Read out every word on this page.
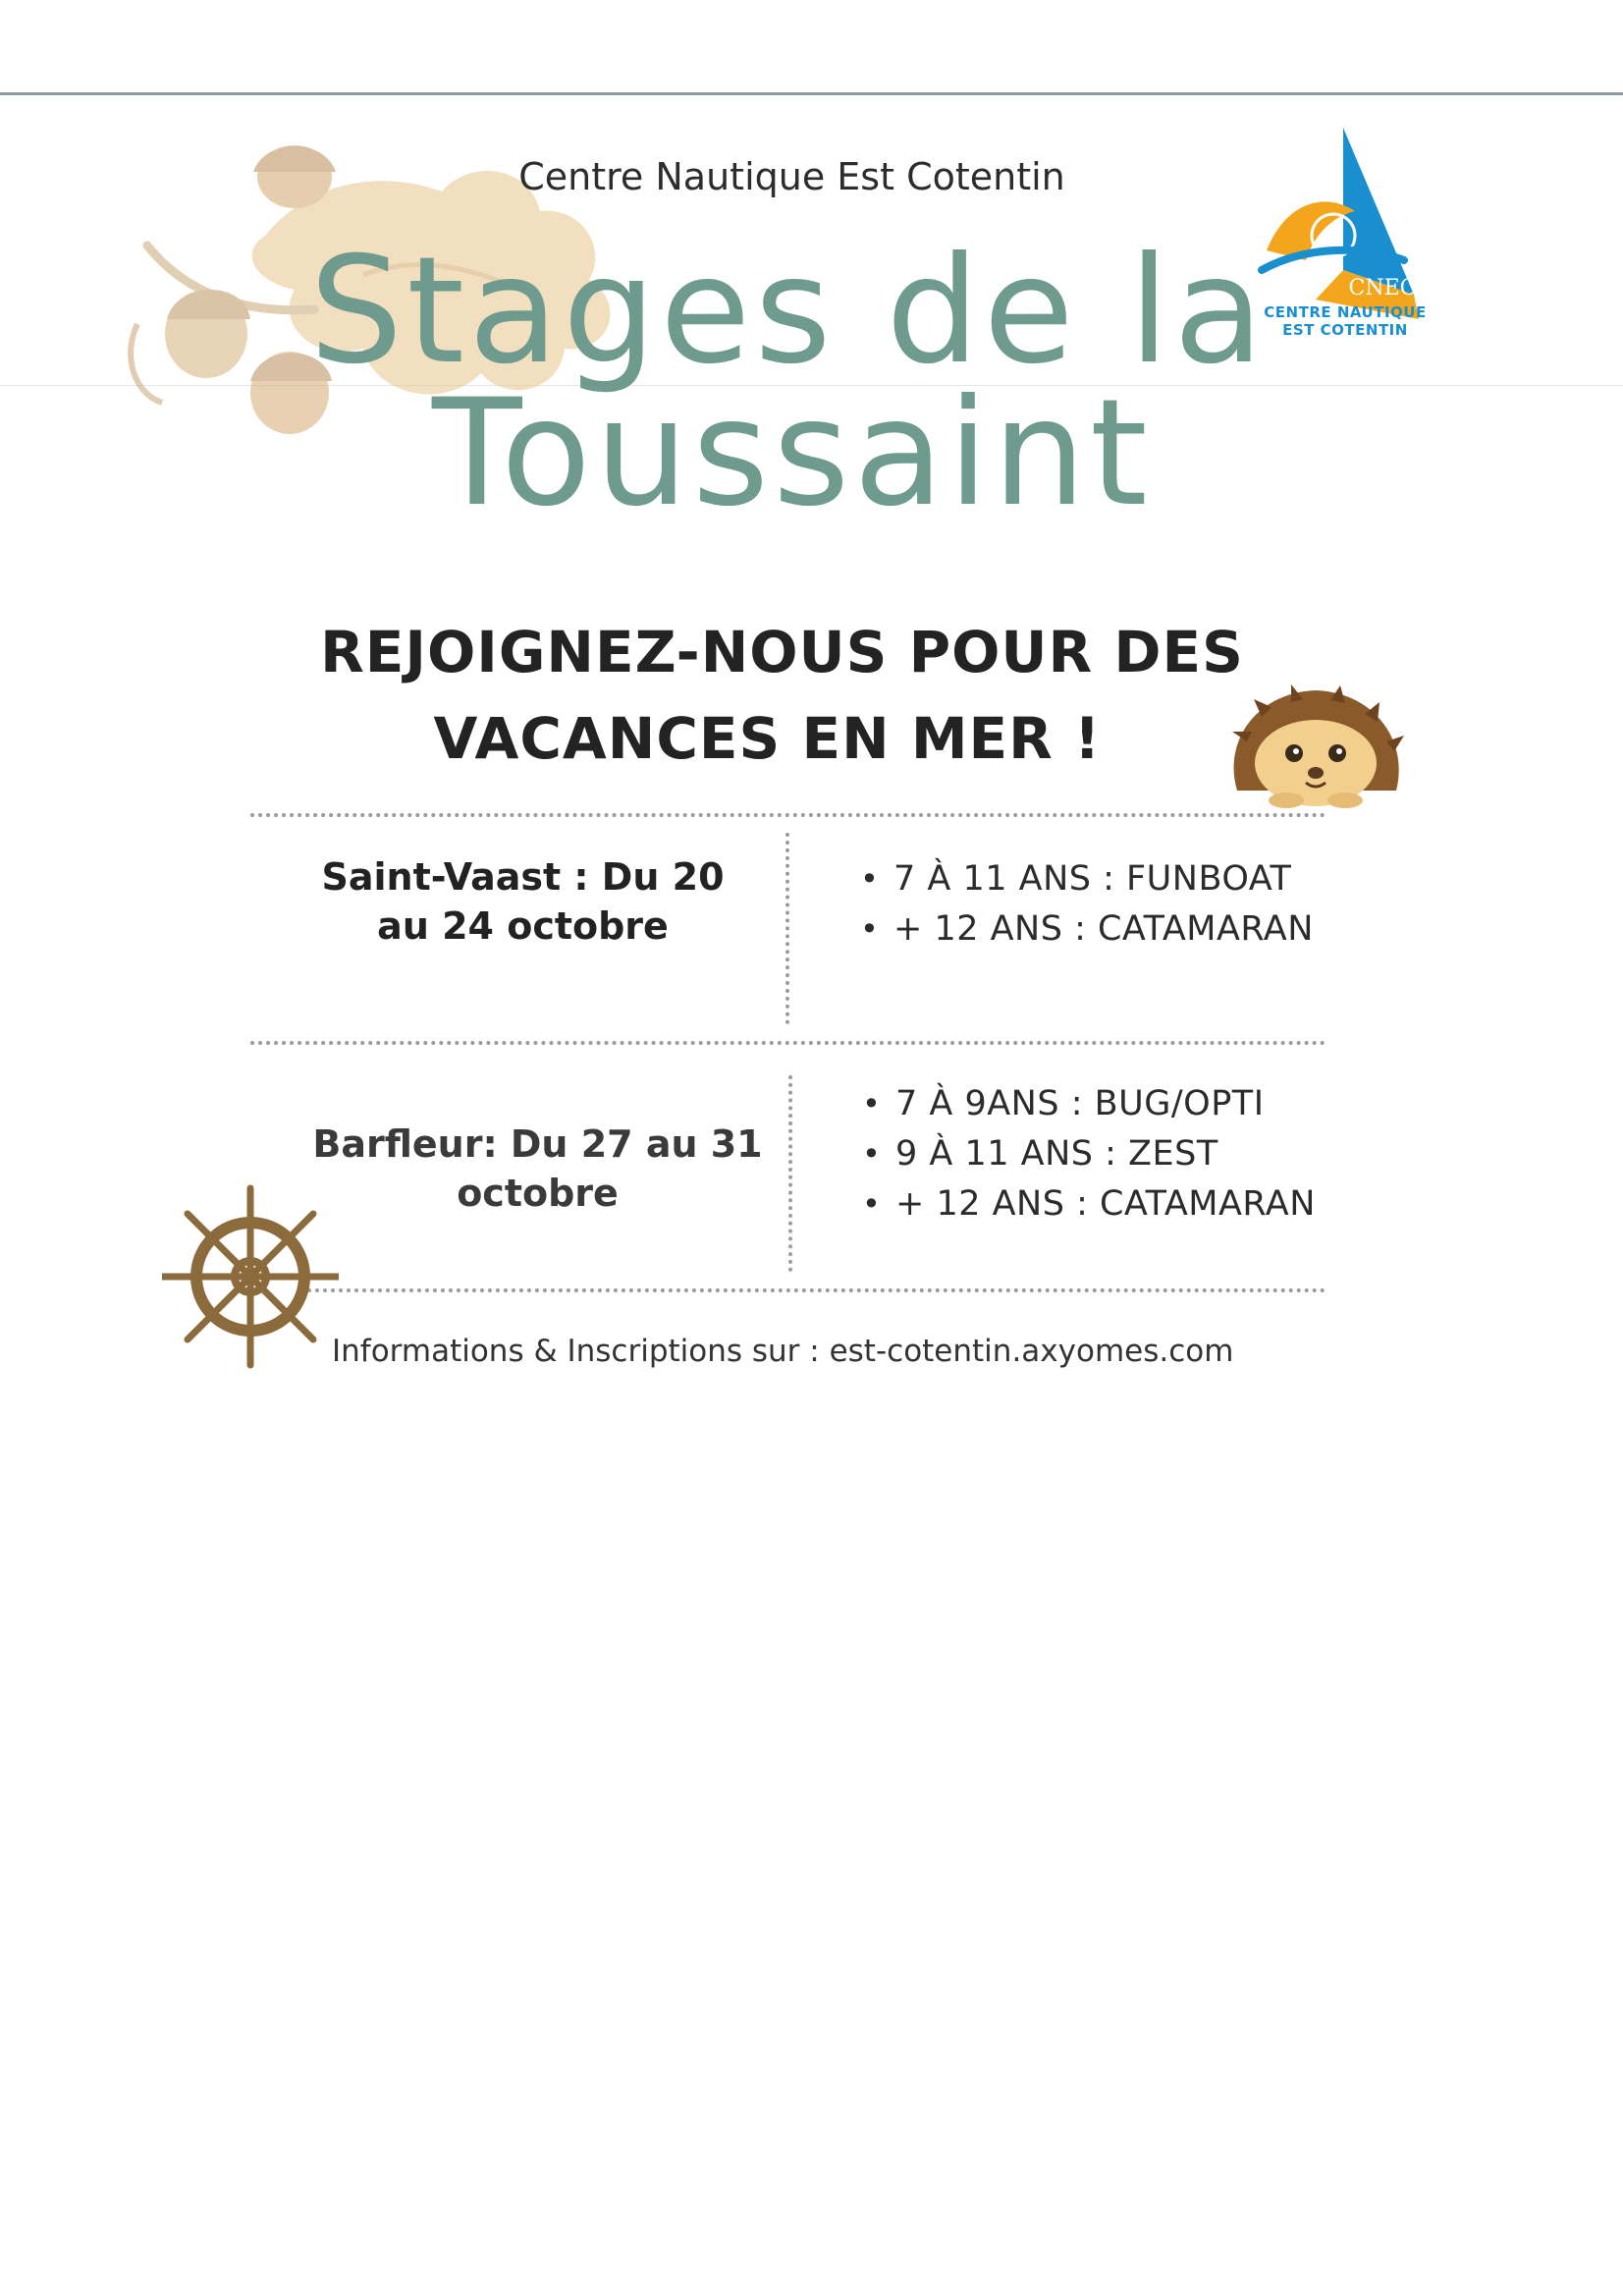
Centre Nautique Est Cotentin
CNEC
CENTRE NAUTIQUE
EST COTENTIN
Stages de la
Toussaint
REJOIGNEZ-NOUS POUR DES
VACANCES EN MER !
Saint-Vaast : Du 20
au 24 octobre
• 7 À 11 ANS : FUNBOAT
• + 12 ANS : CATAMARAN
Barfleur: Du 27 au 31
octobre
• 7 À 9ANS : BUG/OPTI
• 9 À 11 ANS : ZEST
• + 12 ANS : CATAMARAN
Informations & Inscriptions sur : est-cotentin.axyomes.com
